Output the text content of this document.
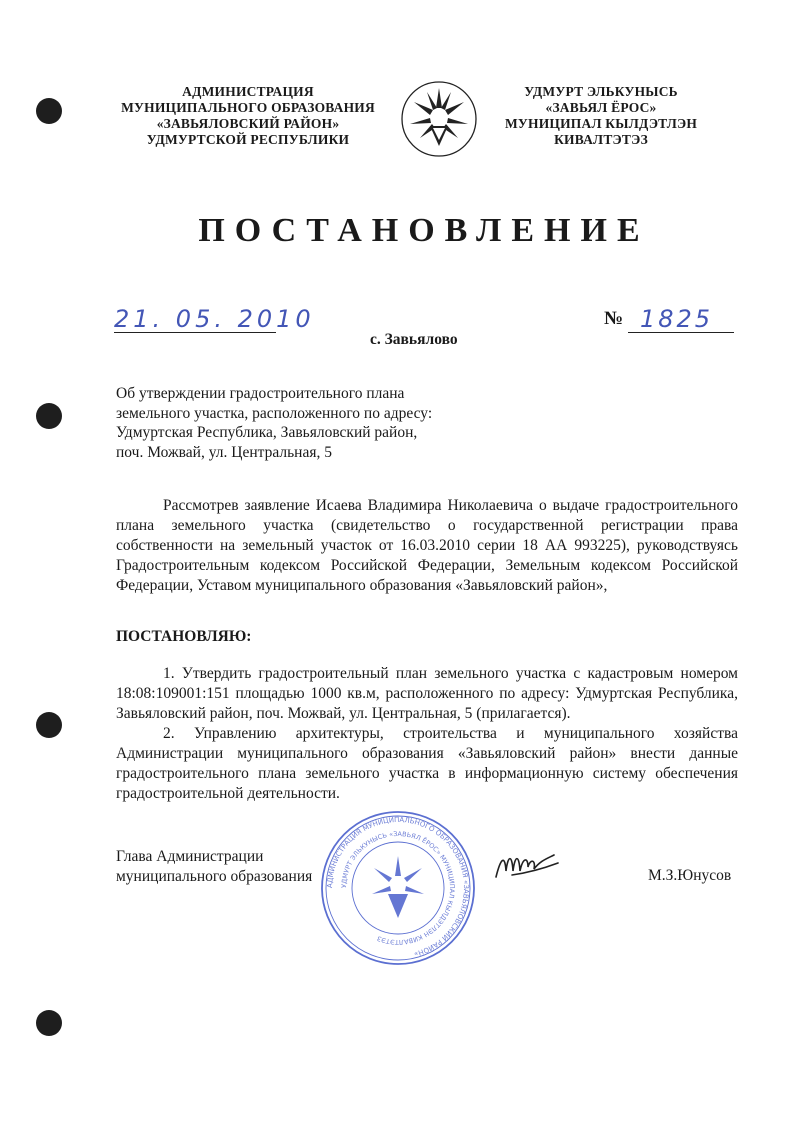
АДМИНИСТРАЦИЯ
МУНИЦИПАЛЬНОГО ОБРАЗОВАНИЯ
«ЗАВЬЯЛОВСКИЙ РАЙОН»
УДМУРТСКОЙ РЕСПУБЛИКИ
УДМУРТ ЭЛЬКУНЫСЬ
«ЗАВЬЯЛ ЁРОС»
МУНИЦИПАЛ КЫЛДЭТЛЭН
КИВАЛТЭТЭЗ
ПОСТАНОВЛЕНИЕ
21. 05. 2010	№ 1825
с. Завьялово
Об утверждении градостроительного плана
земельного участка, расположенного по адресу:
Удмуртская Республика, Завьяловский район,
поч. Можвай, ул. Центральная, 5

Рассмотрев заявление Исаева Владимира Николаевича о выдаче градостроительного плана земельного участка (свидетельство о государственной регистрации права собственности на земельный участок от 16.03.2010 серии 18 АА 993225), руководствуясь Градостроительным кодексом Российской Федерации, Земельным кодексом Российской Федерации, Уставом муниципального образования «Завьяловский район»,

ПОСТАНОВЛЯЮ:

1. Утвердить градостроительный план земельного участка с кадастровым номером 18:08:109001:151 площадью 1000 кв.м, расположенного по адресу: Удмуртская Республика, Завьяловский район, поч. Можвай, ул. Центральная, 5 (прилагается).

2. Управлению архитектуры, строительства и муниципального хозяйства Администрации муниципального образования «Завьяловский район» внести данные градостроительного плана земельного участка в информационную систему обеспечения градостроительной деятельности.

Глава Администрации
муниципального образования
АДМИНИСТРАЦИЯ МУНИЦИПАЛЬНОГО ОБРАЗОВАНИЯ «ЗАВЬЯЛОВСКИЙ РАЙОН»
УДМУРТ ЭЛЬКУНЫСЬ «ЗАВЬЯЛ ЁРОС» МУНИЦИПАЛ КЫЛДЭТЛЭН КИВАЛТЭТЭЗ
М.З.Юнусов
